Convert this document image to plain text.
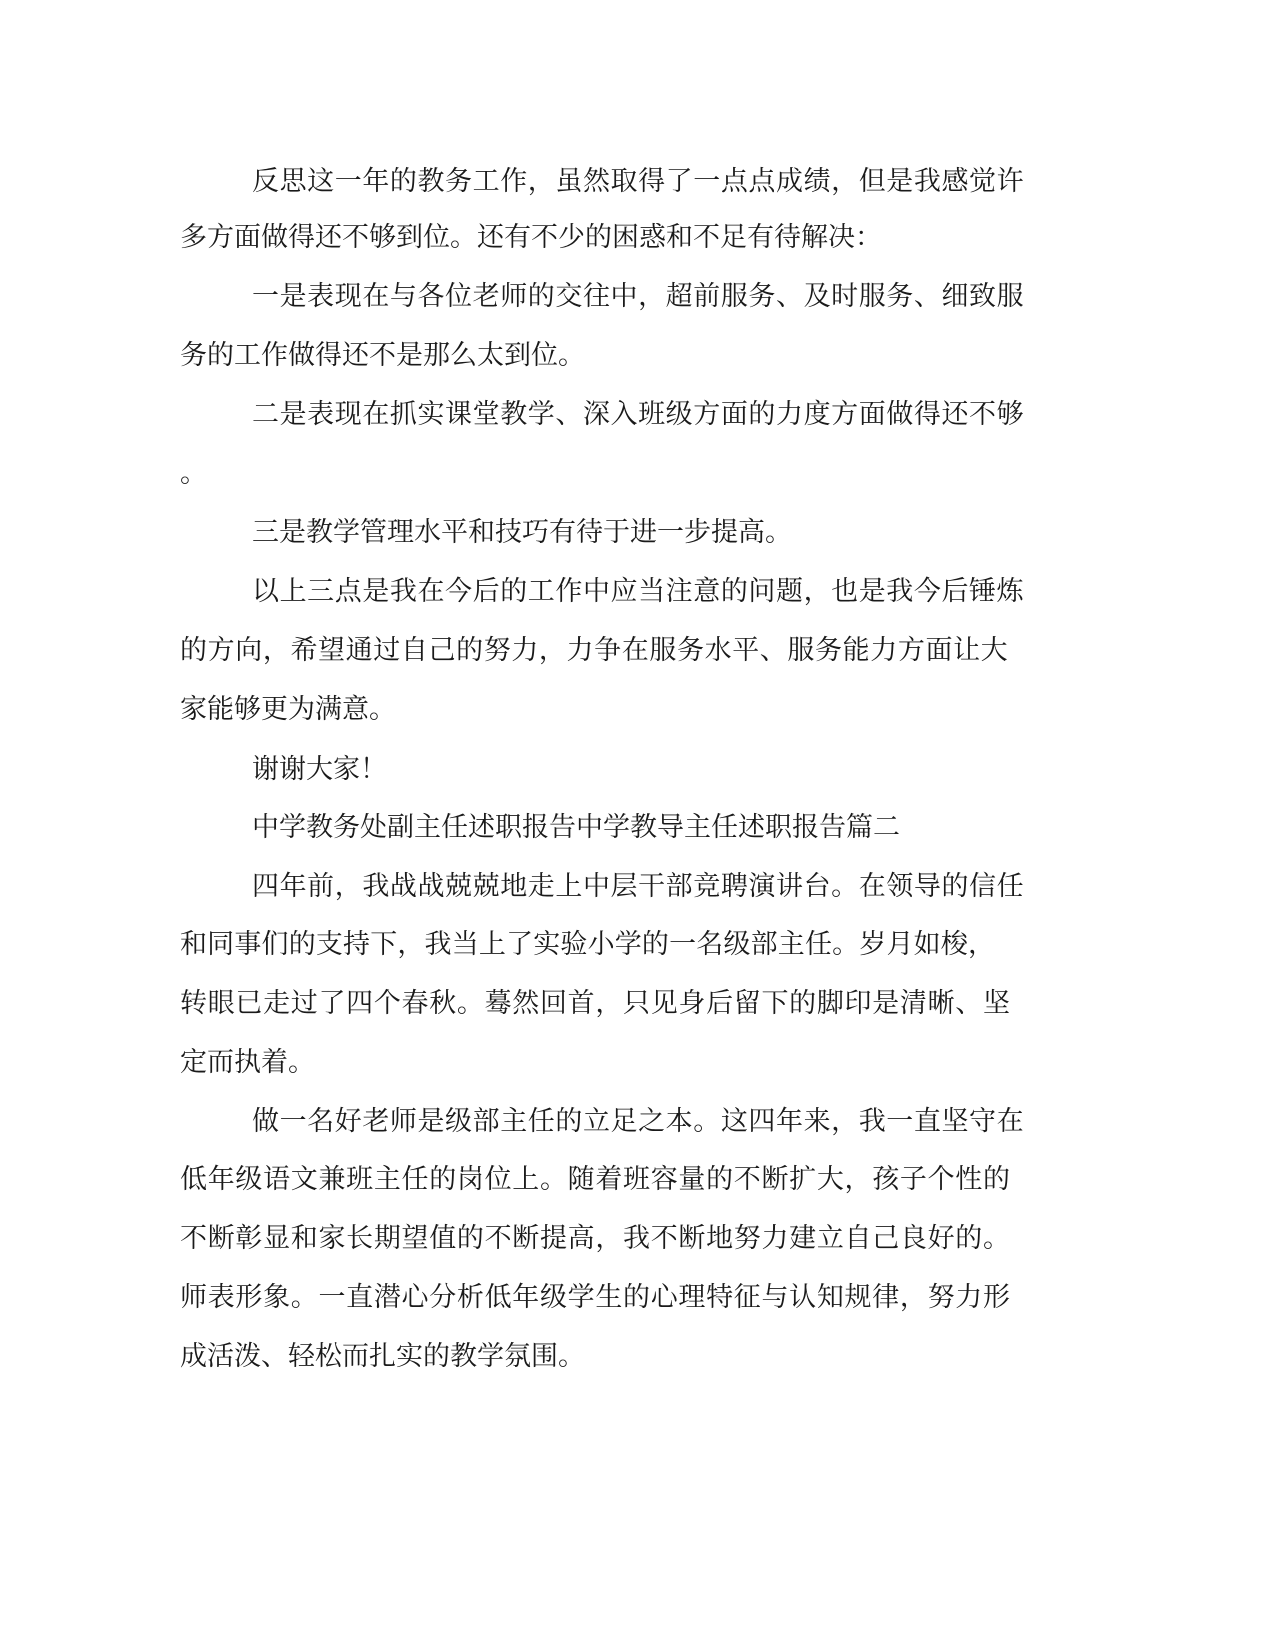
反 思 这 一 年 的 教 务 工 作 ， 虽 然 取 得 了 一 点 点 成 绩 ， 但 是 我 感 觉 许
多方面做得还不够到位。还有不少的困惑和不足有待解决：
一 是 表 现 在 与 各 位 老 师 的 交 往 中 ， 超 前 服 务 、 及 时 服 务 、 细 致 服
务的工作做得还不是那么太到位。
二 是 表 现 在 抓 实 课 堂 教 学 、 深 入 班 级 方 面 的 力 度 方 面 做 得 还 不 够
。
三是教学管理水平和技巧有待于进一步提高。
以 上 三 点 是 我 在 今 后 的 工 作 中 应 当 注 意 的 问 题 ， 也 是 我 今 后 锤 炼
的 方 向 ， 希 望 通 过 自 己 的 努 力 ， 力 争 在 服 务 水 平 、 服 务 能 力 方 面 让 大
家能够更为满意。
谢谢大家！
中学教务处副主任述职报告中学教导主任述职报告篇二
四 年 前 ， 我 战 战 兢 兢 地 走 上 中 层 干 部 竞 聘 演 讲 台 。 在 领 导 的 信 任
和 同 事 们 的 支 持 下 ， 我 当 上 了 实 验 小 学 的 一 名 级 部 主 任 。 岁 月 如 梭 ，
转 眼 已 走 过 了 四 个 春 秋 。 蓦 然 回 首 ， 只 见 身 后 留 下 的 脚 印 是 清 晰 、 坚
定而执着。
做 一 名 好 老 师 是 级 部 主 任 的 立 足 之 本 。 这 四 年 来 ， 我 一 直 坚 守 在
低 年 级 语 文 兼 班 主 任 的 岗 位 上 。 随 着 班 容 量 的 不 断 扩 大 ， 孩 子 个 性 的
不 断 彰 显 和 家 长 期 望 值 的 不 断 提 高 ， 我 不 断 地 努 力 建 立 自 己 良 好 的 。
师 表 形 象 。 一 直 潜 心 分 析 低 年 级 学 生 的 心 理 特 征 与 认 知 规 律 ， 努 力 形
成活泼、轻松而扎实的教学氛围。
